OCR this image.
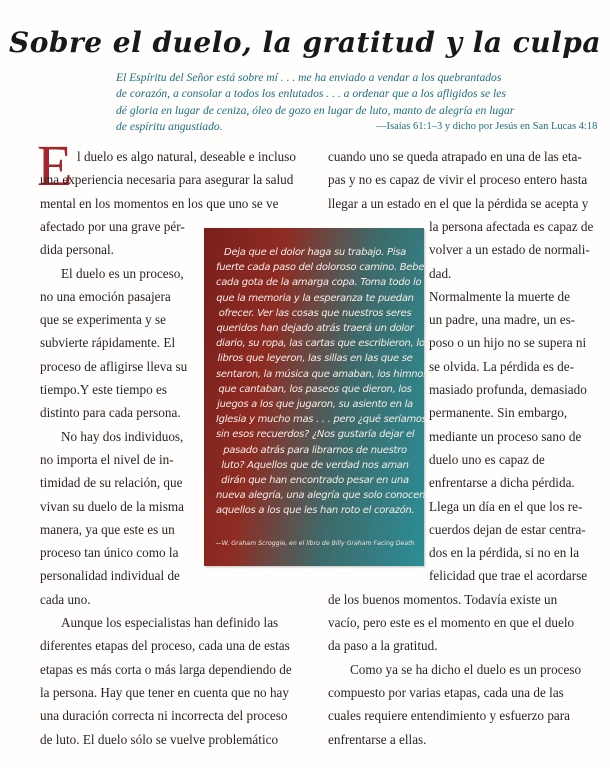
Sobre el duelo, la gratitud y la culpa
El Espíritu del Señor está sobre mí . . . me ha enviado a vendar a los quebrantados
de corazón, a consolar a todos los enlutados . . . a ordenar que a los afligidos se les
dé gloria en lugar de ceniza, óleo de gozo en lugar de luto, manto de alegría en lugar
de espíritu angustiado.	—Isaías 61:1–3 y dicho por Jesús en San Lucas 4:18
E l duelo es algo natural, deseable e incluso
una experiencia necesaria para asegurar la salud
mental en los momentos en los que uno se ve
afectado por una grave pér-
dida personal.
El duelo es un proceso,
no una emoción pasajera
que se experimenta y se
subvierte rápidamente. El
proceso de afligirse lleva su
tiempo.Y este tiempo es
distinto para cada persona.
No hay dos individuos,
no importa el nivel de in-
timidad de su relación, que
vivan su duelo de la misma
manera, ya que este es un
proceso tan único como la
personalidad individual de
cada uno.
Aunque los especialistas han definido las
diferentes etapas del proceso, cada una de estas
etapas es más corta o más larga dependiendo de
la persona. Hay que tener en cuenta que no hay
una duración correcta ni incorrecta del proceso
de luto. El duelo sólo se vuelve problemático
cuando uno se queda atrapado en una de las eta-
pas y no es capaz de vivir el proceso entero hasta
llegar a un estado en el que la pérdida se acepta y
la persona afectada es capaz de
volver a un estado de normali-
dad.
Normalmente la muerte de
un padre, una madre, un es-
poso o un hijo no se supera ni
se olvida. La pérdida es de-
masiado profunda, demasiado
permanente. Sin embargo,
mediante un proceso sano de
duelo uno es capaz de
enfrentarse a dicha pérdida.
Llega un día en el que los re-
cuerdos dejan de estar centra-
dos en la pérdida, si no en la
felicidad que trae el acordarse
de los buenos momentos. Todavía existe un
vacío, pero este es el momento en que el duelo
da paso a la gratitud.
Como ya se ha dicho el duelo es un proceso
compuesto por varias etapas, cada una de las
cuales requiere entendimiento y esfuerzo para
enfrentarse a ellas.
Deja que el dolor haga su trabajo. Pisa
fuerte cada paso del doloroso camino. Bebe
cada gota de la amarga copa. Toma todo lo
que la memoria y la esperanza te puedan
ofrecer. Ver las cosas que nuestros seres
queridos han dejado atrás traerá un dolor
diario, su ropa, las cartas que escribieron, los
libros que leyeron, las sillas en las que se
sentaron, la música que amaban, los himnos
que cantaban, los paseos que dieron, los
juegos a los que jugaron, su asiento en la
Iglesia y mucho mas . . . pero ¿qué seríamos
sin esos recuerdos? ¿Nos gustaría dejar el
pasado atrás para librarnos de nuestro
luto? Aquellos que de verdad nos aman
dirán que han encontrado pesar en una
nueva alegría, una alegría que solo conocen
aquellos a los que les han roto el corazón.
—W. Graham Scroggie, en el libro de Billy Graham Facing Death
